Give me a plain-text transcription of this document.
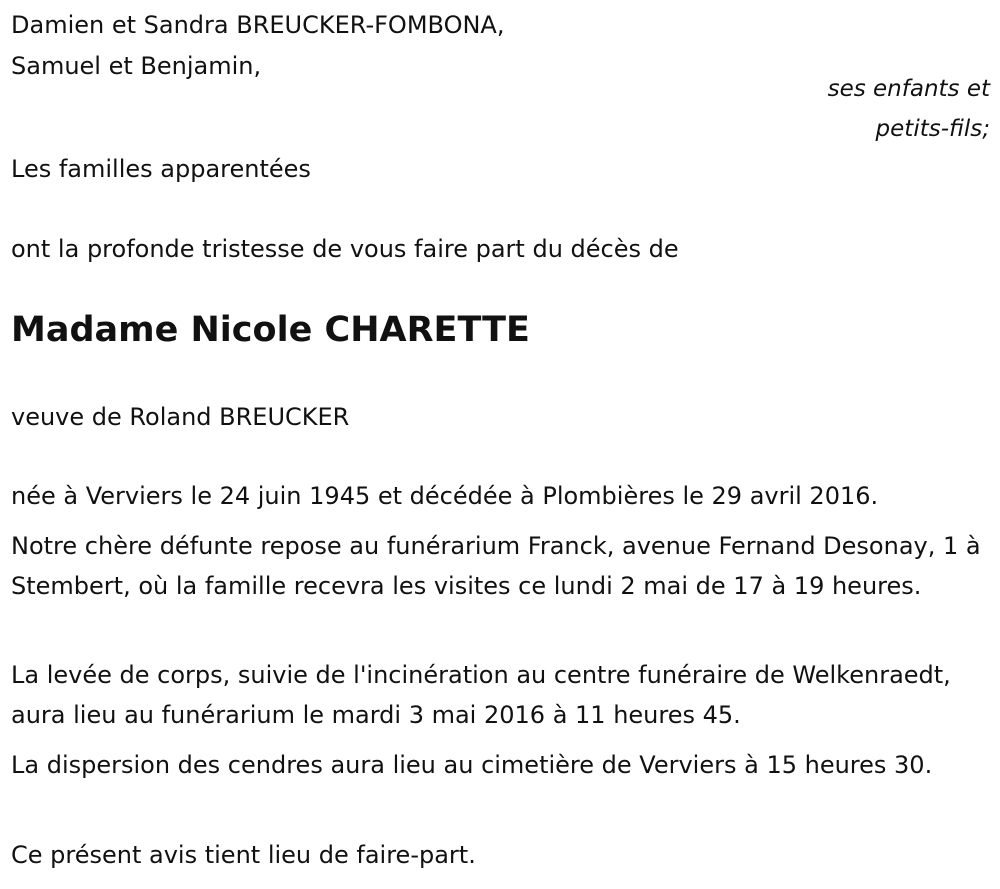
Damien et Sandra BREUCKER-FOMBONA,
Samuel et Benjamin,
ses enfants et
petits-fils;
Les familles apparentées
ont la profonde tristesse de vous faire part du décès de
Madame Nicole CHARETTE
veuve de Roland BREUCKER
née à Verviers le 24 juin 1945 et décédée à Plombières le 29 avril 2016.
Notre chère défunte repose au funérarium Franck, avenue Fernand Desonay, 1 à Stembert, où la famille recevra les visites ce lundi 2 mai de 17 à 19 heures.
La levée de corps, suivie de l'incinération au centre funéraire de Welkenraedt, aura lieu au funérarium le mardi 3 mai 2016 à 11 heures 45.
La dispersion des cendres aura lieu au cimetière de Verviers à 15 heures 30.
Ce présent avis tient lieu de faire-part.
